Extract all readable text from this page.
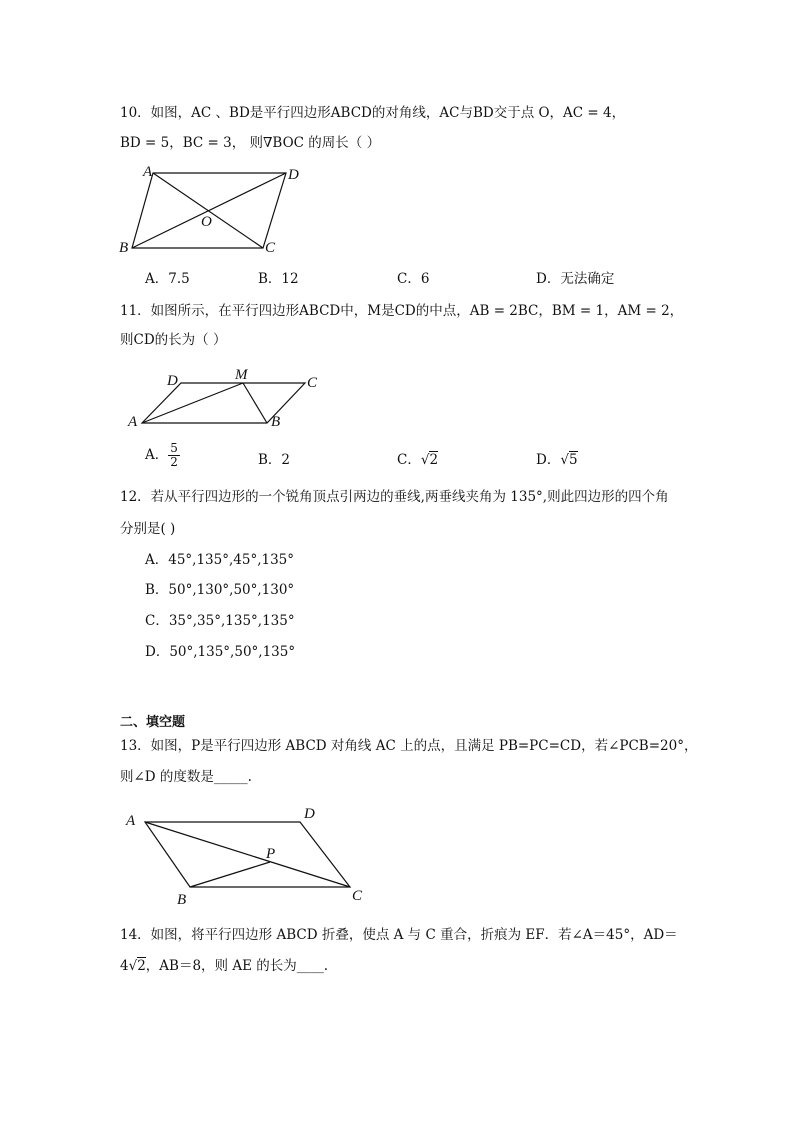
10．如图，AC 、BD是平行四边形ABCD的对角线，AC与BD交于点 O，AC = 4，
BD = 5，BC = 3， 则∇BOC 的周长（ ）
A	D
B	C
O
A．7.5	B．12	C．6	D．无法确定
11．如图所示，在平行四边形ABCD中，M是CD的中点，AB = 2BC，BM = 1，AM = 2，
则CD的长为（ ）
D	M	C
A	B
A． $\frac{5}{2}$	B．2	C．√2	D．√5
12．若从平行四边形的一个锐角顶点引两边的垂线,两垂线夹角为 135°,则此四边形的四个角
分别是( )
A．45°,135°,45°,135°
B．50°,130°,50°,130°
C．35°,35°,135°,135°
D．50°,135°,50°,135°
二、填空题
13．如图，P是平行四边形 ABCD 对角线 AC 上的点，且满足 PB=PC=CD，若∠PCB=20°，
则∠D 的度数是_____.
A	D
P
B	C
14．如图，将平行四边形 ABCD 折叠，使点 A 与 C 重合，折痕为 EF．若∠A＝45°，AD＝
4√2，AB＝8，则 AE 的长为____.
